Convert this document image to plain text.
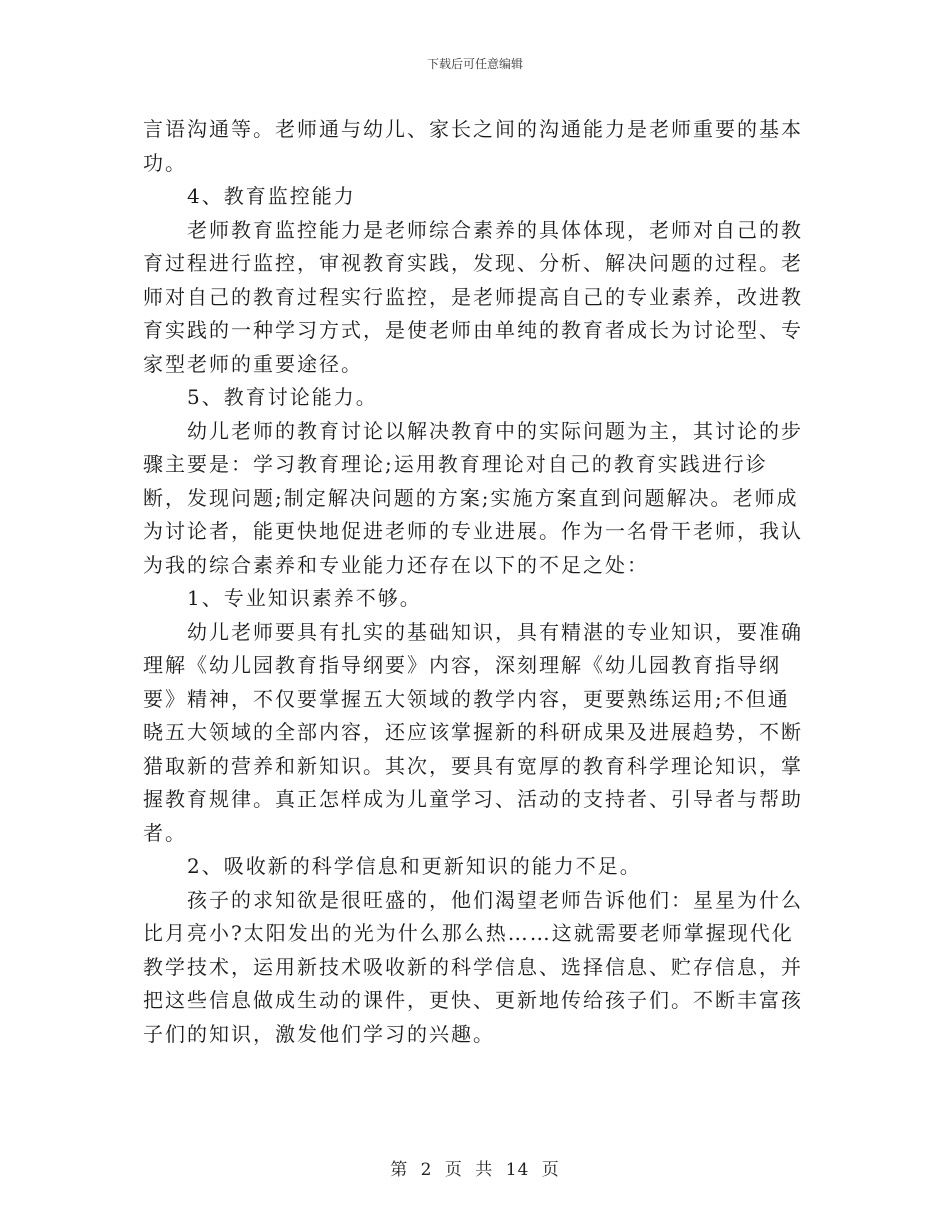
下载后可任意编辑

言语沟通等。老师通与幼儿、家长之间的沟通能力是老师重要的基本功。

4、教育监控能力

老师教育监控能力是老师综合素养的具体体现，老师对自己的教育过程进行监控，审视教育实践，发现、分析、解决问题的过程。老师对自己的教育过程实行监控，是老师提高自己的专业素养，改进教育实践的一种学习方式，是使老师由单纯的教育者成长为讨论型、专家型老师的重要途径。

5、教育讨论能力。

幼儿老师的教育讨论以解决教育中的实际问题为主，其讨论的步骤主要是：学习教育理论;运用教育理论对自己的教育实践进行诊断，发现问题;制定解决问题的方案;实施方案直到问题解决。老师成为讨论者，能更快地促进老师的专业进展。作为一名骨干老师，我认为我的综合素养和专业能力还存在以下的不足之处：

1、专业知识素养不够。

幼儿老师要具有扎实的基础知识，具有精湛的专业知识，要准确理解《幼儿园教育指导纲要》内容，深刻理解《幼儿园教育指导纲要》精神，不仅要掌握五大领域的教学内容，更要熟练运用;不但通晓五大领域的全部内容，还应该掌握新的科研成果及进展趋势，不断猎取新的营养和新知识。其次，要具有宽厚的教育科学理论知识，掌握教育规律。真正怎样成为儿童学习、活动的支持者、引导者与帮助者。

2、吸收新的科学信息和更新知识的能力不足。

孩子的求知欲是很旺盛的，他们渴望老师告诉他们：星星为什么比月亮小?太阳发出的光为什么那么热……这就需要老师掌握现代化教学技术，运用新技术吸收新的科学信息、选择信息、贮存信息，并把这些信息做成生动的课件，更快、更新地传给孩子们。不断丰富孩子们的知识，激发他们学习的兴趣。

第 2 页 共 14 页
